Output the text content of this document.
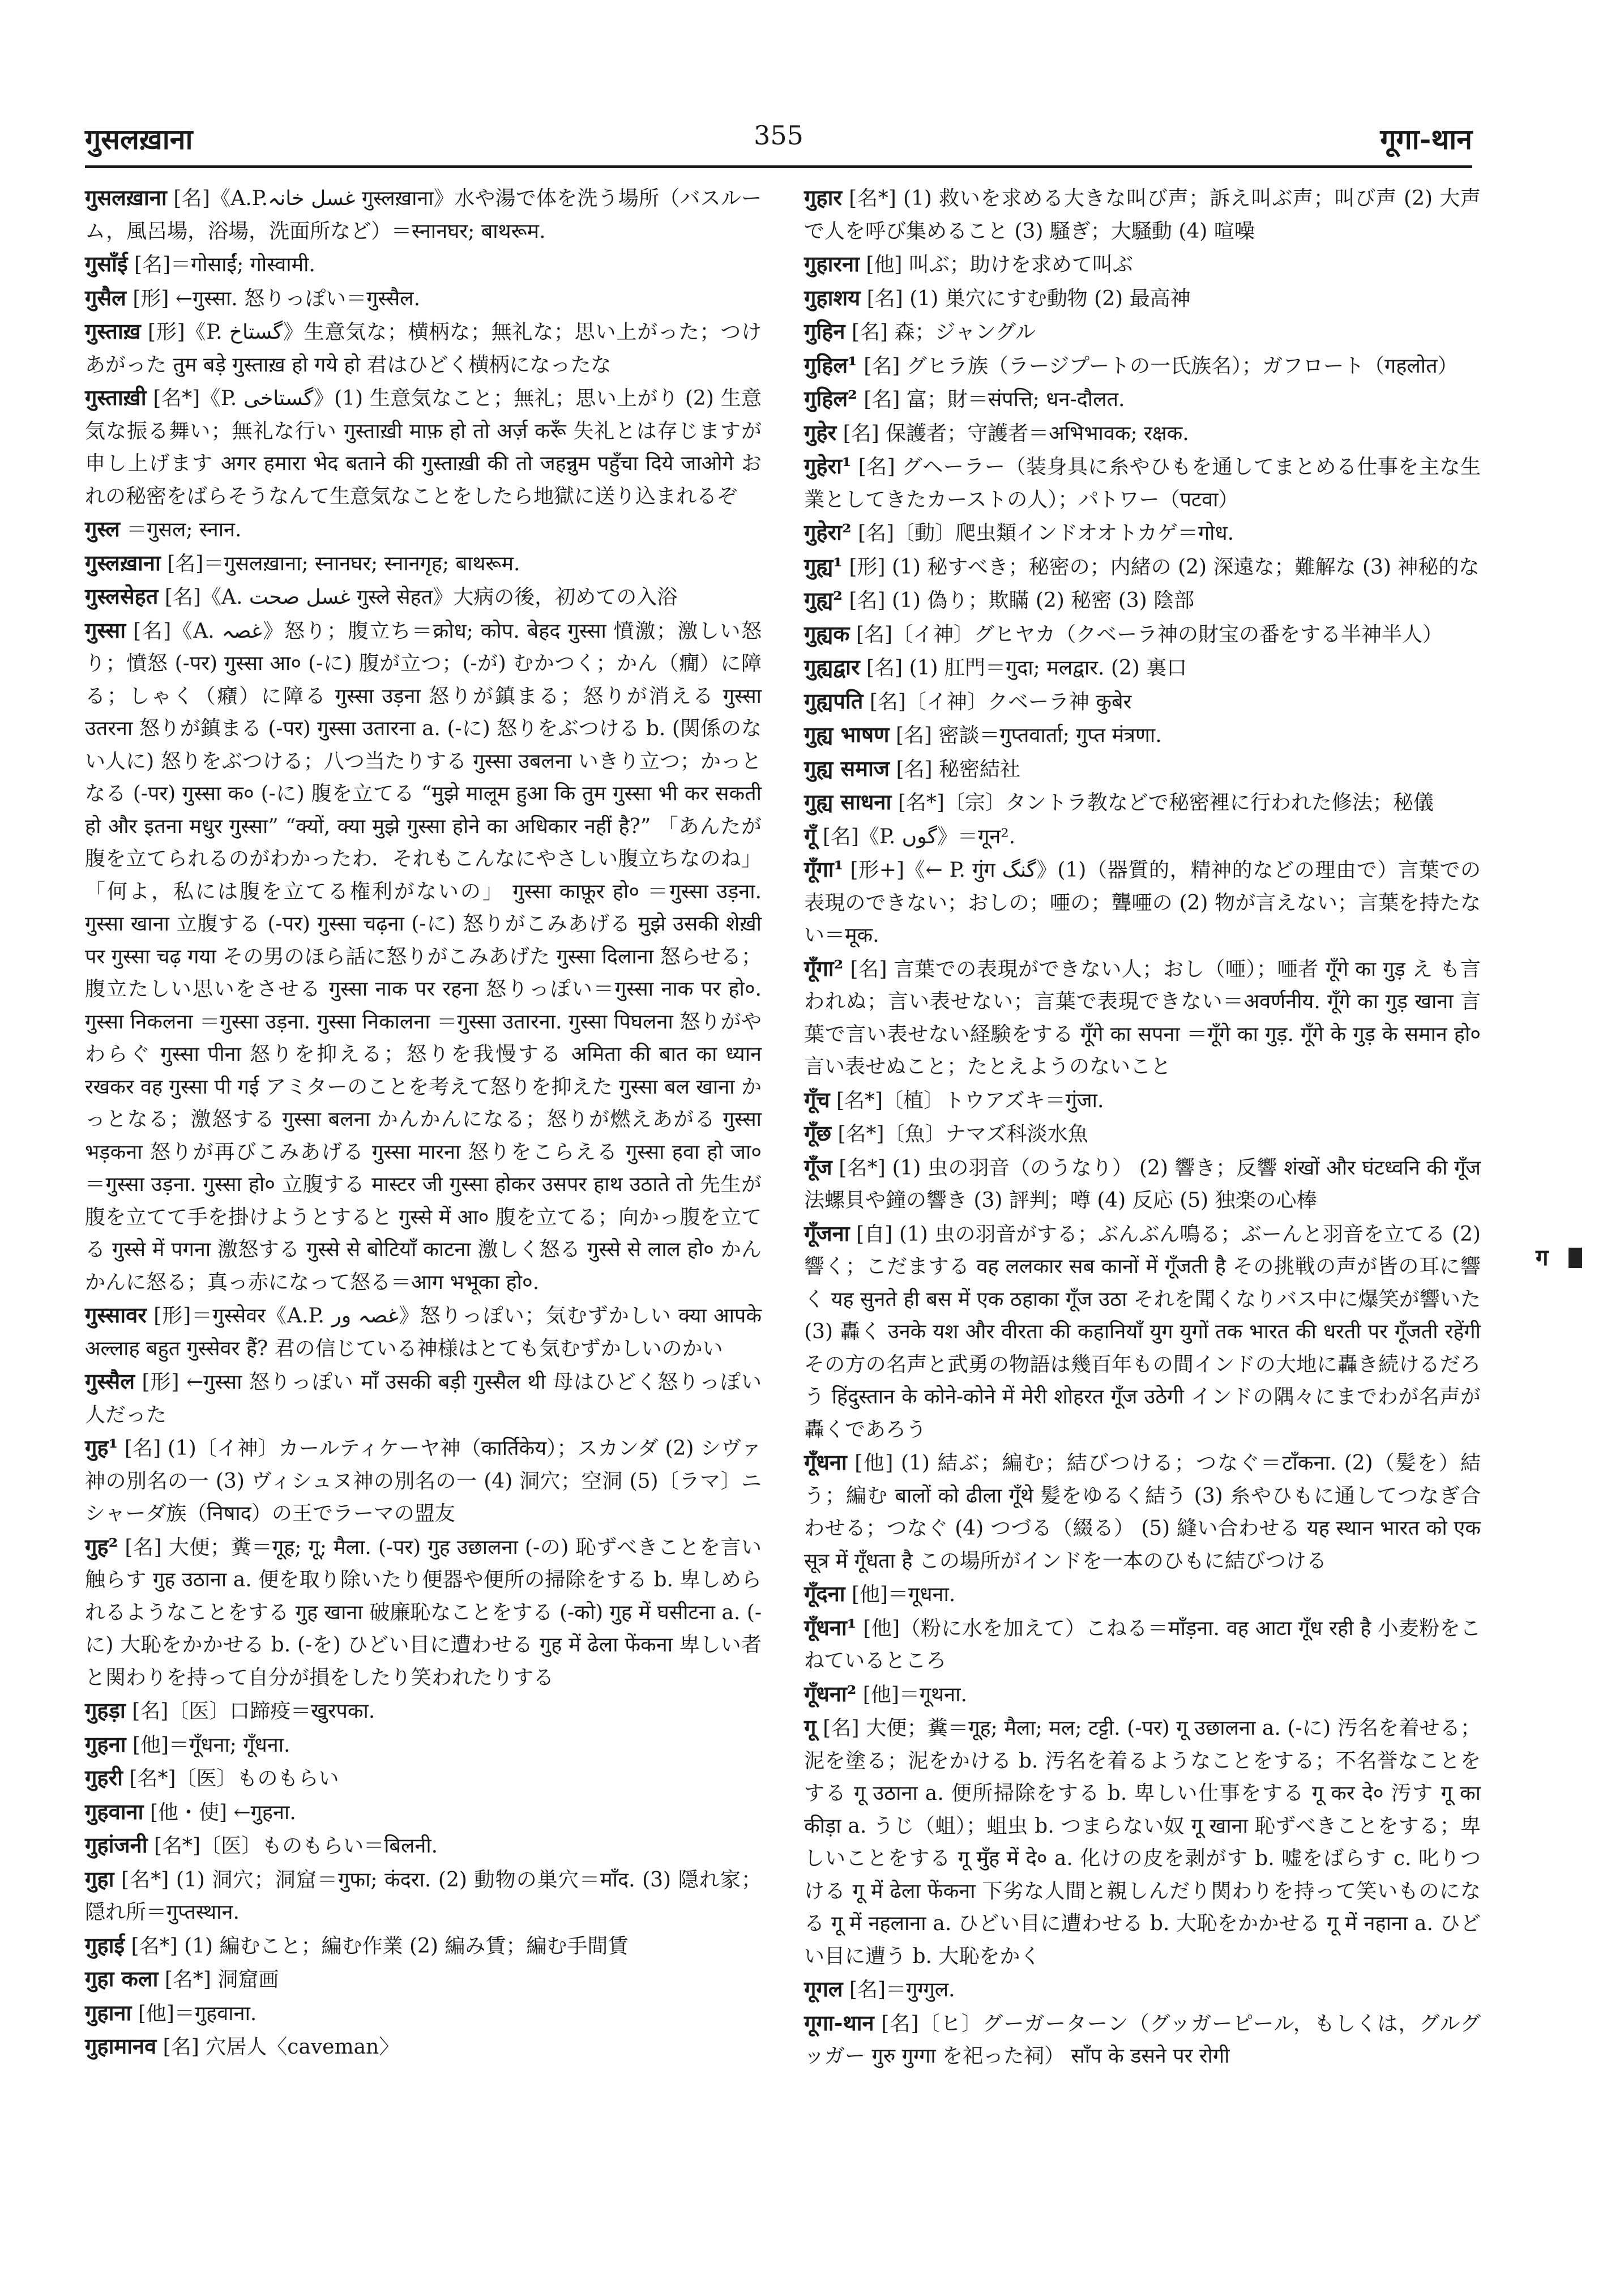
गुसलख़ाना	355	गूगा-थान

गुसलख़ाना [名]《A.P.غسل خانہ गुस्लख़ाना》水や湯で体を洗う場所（バスルーム，風呂場，浴場，洗面所など）＝स्नानघर; बाथरूम.

गुसाँई [名]＝गोसाईं; गोस्वामी.

गुसैल [形] ←गुस्सा. 怒りっぽい＝गुस्सैल.

गुस्ताख़ [形]《P. گستاخ》生意気な；横柄な；無礼な；思い上がった；つけあがった तुम बड़े गुस्ताख़ हो गये हो 君はひどく横柄になったな

गुस्ताख़ी [名*]《P. گستاخی》(1) 生意気なこと；無礼；思い上がり (2) 生意気な振る舞い；無礼な行い गुस्ताख़ी माफ़ हो तो अर्ज़ करूँ 失礼とは存じますが申し上げます अगर हमारा भेद बताने की गुस्ताख़ी की तो जहन्नुम पहुँचा दिये जाओगे おれの秘密をばらそうなんて生意気なことをしたら地獄に送り込まれるぞ

गुस्ल ＝गुसल; स्नान.

गुस्लख़ाना [名]＝गुसलख़ाना; स्नानघर; स्नानगृह; बाथरूम.

गुस्लसेहत [名]《A. غسل صحت गुस्ले सेहत》大病の後，初めての入浴

गुस्सा [名]《A. غصہ》怒り；腹立ち＝क्रोध; कोप. बेहद गुस्सा 憤激；激しい怒り；憤怒 (-पर) गुस्सा आ० (-に) 腹が立つ；(-が) むかつく；かん（癇）に障る；しゃく（癪）に障る गुस्सा उड़ना 怒りが鎮まる；怒りが消える गुस्सा उतरना 怒りが鎮まる (-पर) गुस्सा उतारना a. (-に) 怒りをぶつける b. (関係のない人に) 怒りをぶつける；八つ当たりする गुस्सा उबलना いきり立つ；かっとなる (-पर) गुस्सा क० (-に) 腹を立てる “मुझे मालूम हुआ कि तुम गुस्सा भी कर सकती हो और इतना मधुर गुस्सा” “क्यों, क्या मुझे गुस्सा होने का अधिकार नहीं है?” 「あんたが腹を立てられるのがわかったわ．それもこんなにやさしい腹立ちなのね」「何よ，私には腹を立てる権利がないの」 गुस्सा काफ़ूर हो० ＝गुस्सा उड़ना. गुस्सा खाना 立腹する (-पर) गुस्सा चढ़ना (-に) 怒りがこみあげる मुझे उसकी शेख़ी पर गुस्सा चढ़ गया その男のほら話に怒りがこみあげた गुस्सा दिलाना 怒らせる；腹立たしい思いをさせる गुस्सा नाक पर रहना 怒りっぽい＝गुस्सा नाक पर हो०. गुस्सा निकलना ＝गुस्सा उड़ना. गुस्सा निकालना ＝गुस्सा उतारना. गुस्सा पिघलना 怒りがやわらぐ गुस्सा पीना 怒りを抑える；怒りを我慢する अमिता की बात का ध्यान रखकर वह गुस्सा पी गई アミターのことを考えて怒りを抑えた गुस्सा बल खाना かっとなる；激怒する गुस्सा बलना かんかんになる；怒りが燃えあがる गुस्सा भड़कना 怒りが再びこみあげる गुस्सा मारना 怒りをこらえる गुस्सा हवा हो जा० ＝गुस्सा उड़ना. गुस्सा हो० 立腹する मास्टर जी गुस्सा होकर उसपर हाथ उठाते तो 先生が腹を立てて手を掛けようとすると गुस्से में आ० 腹を立てる；向かっ腹を立てる गुस्से में पगना 激怒する गुस्से से बोटियाँ काटना 激しく怒る गुस्से से लाल हो० かんかんに怒る；真っ赤になって怒る＝आग भभूका हो०.

गुस्सावर [形]＝गुस्सेवर《A.P. غصہ ور》怒りっぽい；気むずかしい क्या आपके अल्लाह बहुत गुस्सेवर हैं? 君の信じている神様はとても気むずかしいのかい

गुस्सैल [形] ←गुस्सा 怒りっぽい माँ उसकी बड़ी गुस्सैल थी 母はひどく怒りっぽい人だった

गुह¹ [名] (1)〔イ神〕カールティケーヤ神（कार्तिकेय）；スカンダ (2) シヴァ神の別名の一 (3) ヴィシュヌ神の別名の一 (4) 洞穴；空洞 (5)〔ラマ〕ニシャーダ族（निषाद）の王でラーマの盟友

गुह² [名] 大便；糞＝गूह; गू; मैला. (-पर) गुह उछालना (-の) 恥ずべきことを言い触らす गुह उठाना a. 便を取り除いたり便器や便所の掃除をする b. 卑しめられるようなことをする गुह खाना 破廉恥なことをする (-को) गुह में घसीटना a. (-に) 大恥をかかせる b. (-を) ひどい目に遭わせる गुह में ढेला फेंकना 卑しい者と関わりを持って自分が損をしたり笑われたりする

गुहड़ा [名]〔医〕口蹄疫＝खुरपका.

गुहना [他]＝गूँधना; गूँधना.

गुहरी [名*]〔医〕ものもらい

गुहवाना [他・使] ←गुहना.

गुहांजनी [名*]〔医〕ものもらい＝बिलनी.

गुहा [名*] (1) 洞穴；洞窟＝गुफा; कंदरा. (2) 動物の巣穴＝माँद. (3) 隠れ家；隠れ所＝गुप्तस्थान.

गुहाई [名*] (1) 編むこと；編む作業 (2) 編み賃；編む手間賃

गुहा कला [名*] 洞窟画

गुहाना [他]＝गुहवाना.

गुहामानव [名] 穴居人〈caveman〉

गुहार [名*] (1) 救いを求める大きな叫び声；訴え叫ぶ声；叫び声 (2) 大声で人を呼び集めること (3) 騒ぎ；大騒動 (4) 喧噪

गुहारना [他] 叫ぶ；助けを求めて叫ぶ

गुहाशय [名] (1) 巣穴にすむ動物 (2) 最高神

गुहिन [名] 森；ジャングル

गुहिल¹ [名] グヒラ族（ラージプートの一氏族名）；ガフロート（गहलोत）

गुहिल² [名] 富；財＝संपत्ति; धन-दौलत.

गुहेर [名] 保護者；守護者＝अभिभावक; रक्षक.

गुहेरा¹ [名] グヘーラー（装身具に糸やひもを通してまとめる仕事を主な生業としてきたカーストの人）；パトワー（पटवा）

गुहेरा² [名]〔動〕爬虫類インドオオトカゲ＝गोध.

गुह्य¹ [形] (1) 秘すべき；秘密の；内緒の (2) 深遠な；難解な (3) 神秘的な

गुह्य² [名] (1) 偽り；欺瞞 (2) 秘密 (3) 陰部

गुह्यक [名]〔イ神〕グヒヤカ（クベーラ神の財宝の番をする半神半人）

गुह्यद्वार [名] (1) 肛門＝गुदा; मलद्वार. (2) 裏口

गुह्यपति [名]〔イ神〕クベーラ神 कुबेर

गुह्य भाषण [名] 密談＝गुप्तवार्ता; गुप्त मंत्रणा.

गुह्य समाज [名] 秘密結社

गुह्य साधना [名*]〔宗〕タントラ教などで秘密裡に行われた修法；秘儀

गूँ [名]《P. گوں》＝गून².

गूँगा¹ [形+]《← P. गुंग گنگ》(1)（器質的，精神的などの理由で）言葉での表現のできない；おしの；唖の；聾唖の (2) 物が言えない；言葉を持たない＝मूक.

गूँगा² [名] 言葉での表現ができない人；おし（唖）；唖者 गूँगे का गुड़ え も言われぬ；言い表せない；言葉で表現できない＝अवर्णनीय. गूँगे का गुड़ खाना 言葉で言い表せない経験をする गूँगे का सपना ＝गूँगे का गुड़. गूँगे के गुड़ के समान हो० 言い表せぬこと；たとえようのないこと

गूँच [名*]〔植〕トウアズキ＝गुंजा.

गूँछ [名*]〔魚〕ナマズ科淡水魚

गूँज [名*] (1) 虫の羽音（のうなり） (2) 響き；反響 शंखों और घंटध्वनि की गूँज 法螺貝や鐘の響き (3) 評判；噂 (4) 反応 (5) 独楽の心棒

गूँजना [自] (1) 虫の羽音がする；ぶんぶん鳴る；ぶーんと羽音を立てる (2) 響く；こだまする वह ललकार सब कानों में गूँजती है その挑戦の声が皆の耳に響く यह सुनते ही बस में एक ठहाका गूँज उठा それを聞くなりバス中に爆笑が響いた (3) 轟く उनके यश और वीरता की कहानियाँ युग युगों तक भारत की धरती पर गूँजती रहेंगी その方の名声と武勇の物語は幾百年もの間インドの大地に轟き続けるだろう हिंदुस्तान के कोने-कोने में मेरी शोहरत गूँज उठेगी インドの隅々にまでわが名声が轟くであろう

गूँधना [他] (1) 結ぶ；編む；結びつける；つなぐ＝टाँकना. (2)（髪を）結う；編む बालों को ढीला गूँथे 髪をゆるく結う (3) 糸やひもに通してつなぎ合わせる；つなぐ (4) つづる（綴る） (5) 縫い合わせる यह स्थान भारत को एक सूत्र में गूँधता है この場所がインドを一本のひもに結びつける

गूँदना [他]＝गूधना.

गूँधना¹ [他]（粉に水を加えて）こねる＝माँड़ना. वह आटा गूँध रही है 小麦粉をこねているところ

गूँधना² [他]＝गूथना.

गू [名] 大便；糞＝गूह; मैला; मल; टट्टी. (-पर) गू उछालना a. (-に) 汚名を着せる；泥を塗る；泥をかける b. 汚名を着るようなことをする；不名誉なことをする गू उठाना a. 便所掃除をする b. 卑しい仕事をする गू कर दे० 汚す गू का कीड़ा a. うじ（蛆）；蛆虫 b. つまらない奴 गू खाना 恥ずべきことをする；卑しいことをする गू मुँह में दे० a. 化けの皮を剥がす b. 嘘をばらす c. 叱りつける गू में ढेला फेंकना 下劣な人間と親しんだり関わりを持って笑いものになる गू में नहलाना a. ひどい目に遭わせる b. 大恥をかかせる गू में नहाना a. ひどい目に遭う b. 大恥をかく

गूगल [名]＝गुग्गुल.

गूगा-थान [名]〔ヒ〕グーガーターン（グッガーピール，もしくは，グルグッガー गुरु गुग्गा を祀った祠） साँप के डसने पर रोगी

ग
